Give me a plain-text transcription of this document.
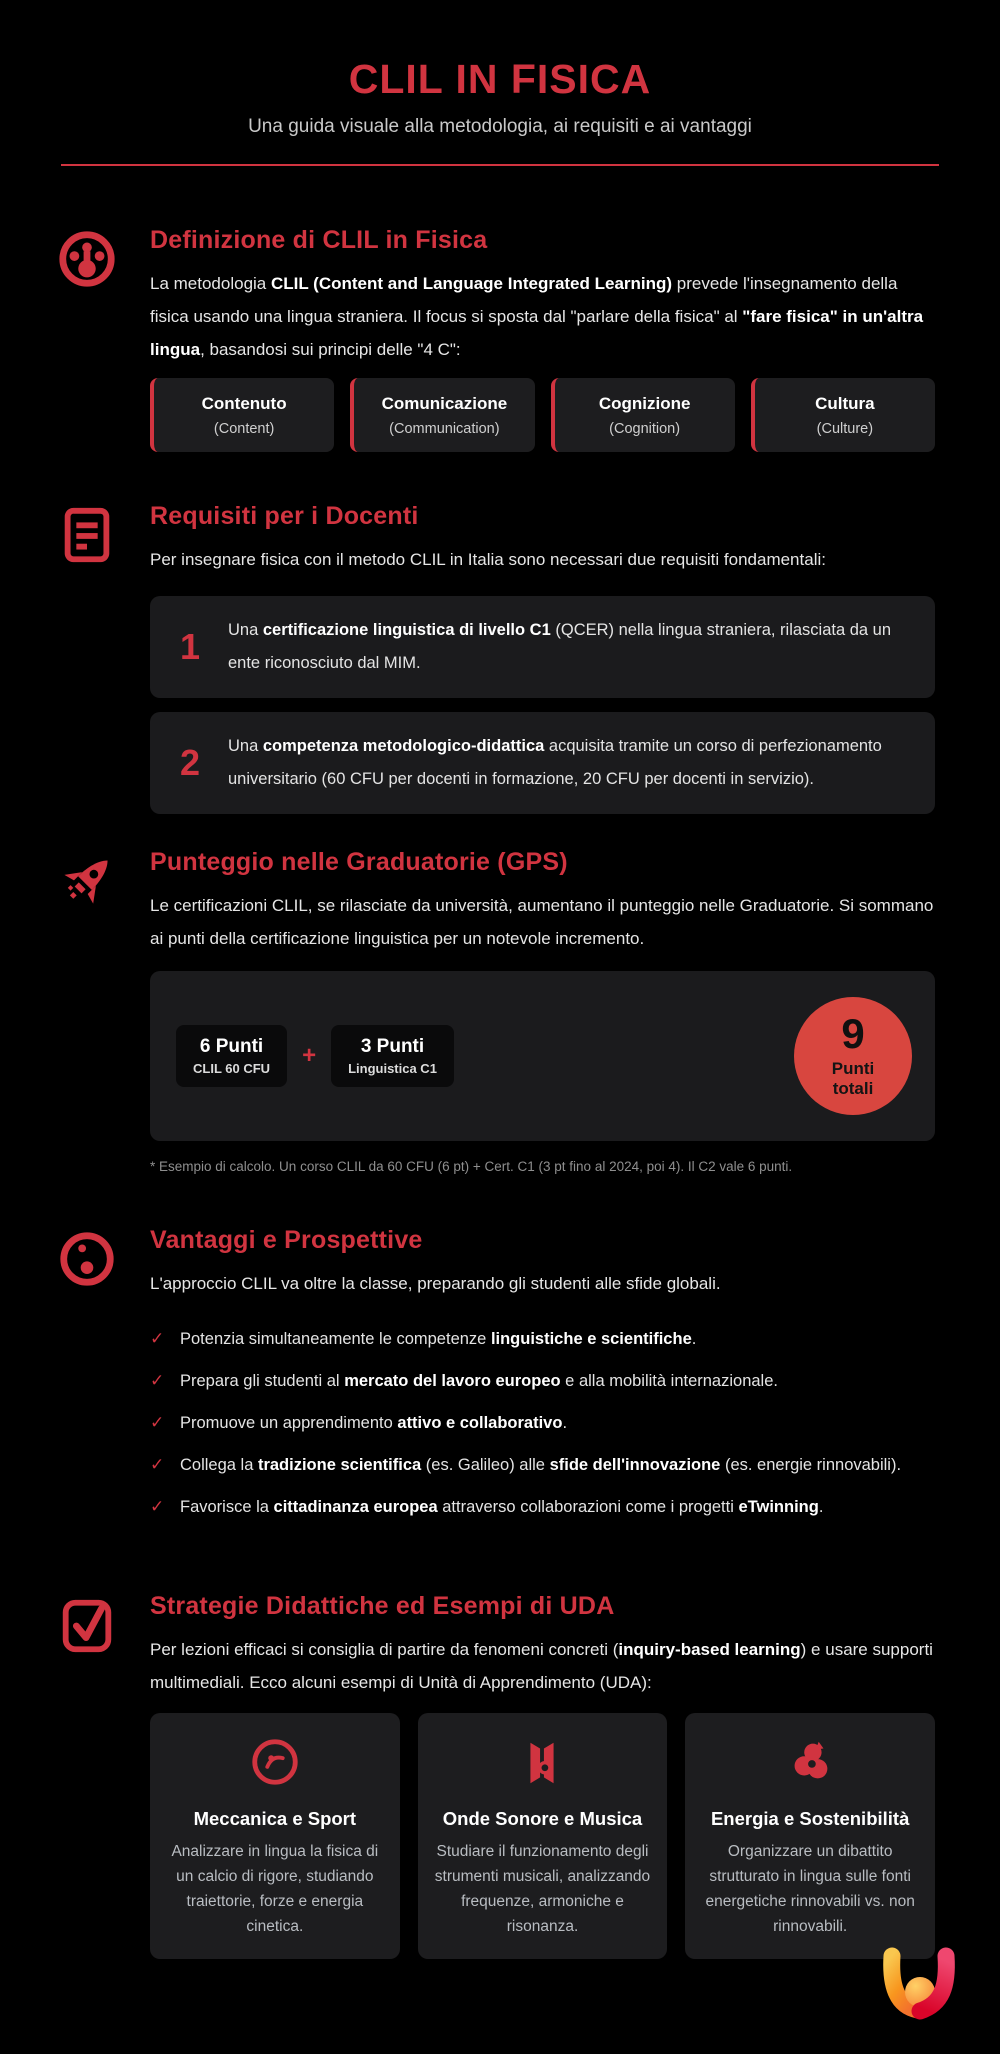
CLIL IN FISICA
Una guida visuale alla metodologia, ai requisiti e ai vantaggi
Definizione di CLIL in Fisica

La metodologia CLIL (Content and Language Integrated Learning) prevede l'insegnamento della fisica usando una lingua straniera. Il focus si sposta dal "parlare della fisica" al "fare fisica" in un'altra lingua, basandosi sui principi delle "4 C":

Contenuto
(Content)
Comunicazione
(Communication)
Cognizione
(Cognition)
Cultura
(Culture)
Requisiti per i Docenti

Per insegnare fisica con il metodo CLIL in Italia sono necessari due requisiti fondamentali:

1	Una certificazione linguistica di livello C1 (QCER) nella lingua straniera, rilasciata da un ente riconosciuto dal MIM.
2	Una competenza metodologico-didattica acquisita tramite un corso di perfezionamento universitario (60 CFU per docenti in formazione, 20 CFU per docenti in servizio).
Punteggio nelle Graduatorie (GPS)

Le certificazioni CLIL, se rilasciate da università, aumentano il punteggio nelle Graduatorie. Si sommano ai punti della certificazione linguistica per un notevole incremento.

6 Punti
CLIL 60 CFU +	3 Punti
Linguistica C1
9
Punti
totali

* Esempio di calcolo. Un corso CLIL da 60 CFU (6 pt) + Cert. C1 (3 pt fino al 2024, poi 4). Il C2 vale 6 punti.

Vantaggi e Prospettive

L'approccio CLIL va oltre la classe, preparando gli studenti alle sfide globali.

✓ Potenzia simultaneamente le competenze linguistiche e scientifiche.
✓ Prepara gli studenti al mercato del lavoro europeo e alla mobilità internazionale.
✓ Promuove un apprendimento attivo e collaborativo.
✓ Collega la tradizione scientifica (es. Galileo) alle sfide dell'innovazione (es. energie rinnovabili).
✓ Favorisce la cittadinanza europea attraverso collaborazioni come i progetti eTwinning.
Strategie Didattiche ed Esempi di UDA

Per lezioni efficaci si consiglia di partire da fenomeni concreti (inquiry-based learning) e usare supporti multimediali. Ecco alcuni esempi di Unità di Apprendimento (UDA):

Meccanica e Sport
Analizzare in lingua la fisica di un calcio di rigore, studiando traiettorie, forze e energia cinetica.
Onde Sonore e Musica
Studiare il funzionamento degli strumenti musicali, analizzando frequenze, armoniche e risonanza.
Energia e Sostenibilità
Organizzare un dibattito strutturato in lingua sulle fonti energetiche rinnovabili vs. non rinnovabili.
